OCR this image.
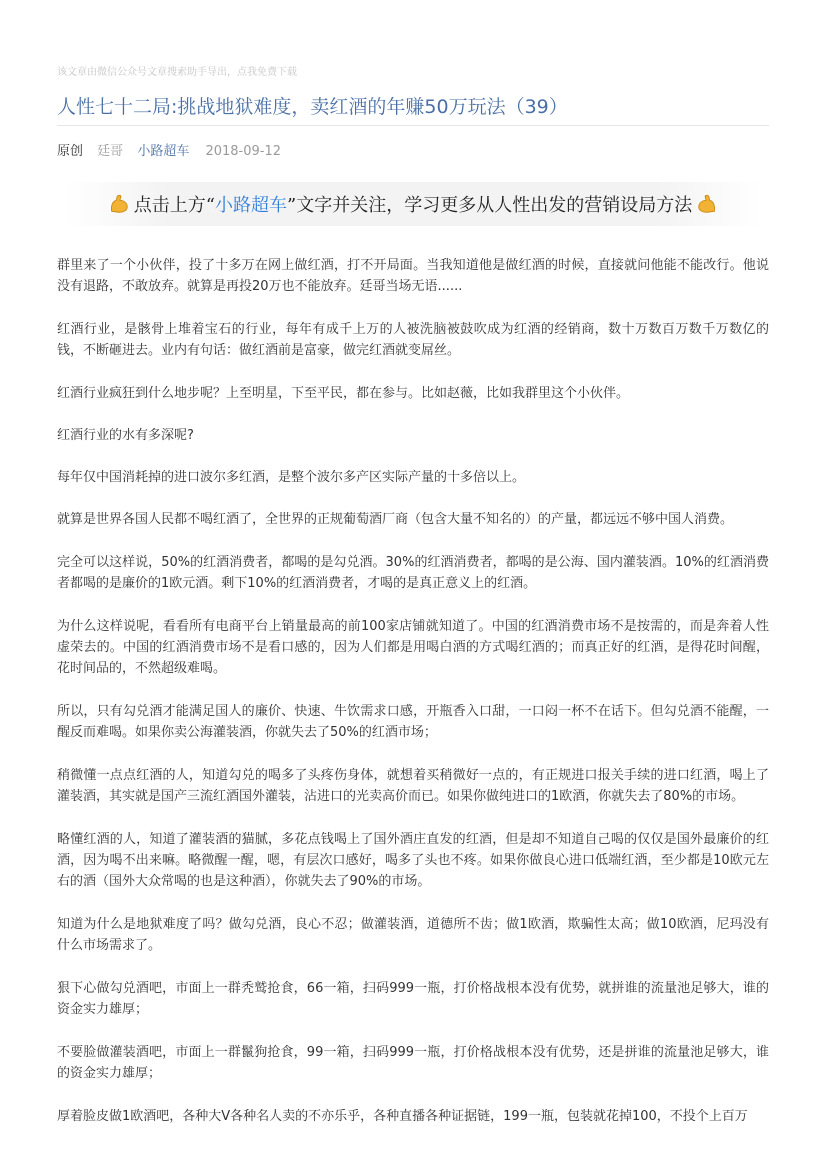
该文章由微信公众号文章搜索助手导出，点我免费下载
人性七十二局:挑战地狱难度，卖红酒的年赚50万玩法（39）
原创 廷哥 小路超车 2018-09-12
点击上方“ 小路超车 ”文字并关注，学习更多从人性出发的营销设局方法

群里来了一个小伙伴，投了十多万在网上做红酒，打不开局面。当我知道他是做红酒的时候，直接就问他能不能改行。他说没有退路，不敢放弃。就算是再投20万也不能放弃。廷哥当场无语......

红酒行业，是骸骨上堆着宝石的行业，每年有成千上万的人被洗脑被鼓吹成为红酒的经销商，数十万数百万数千万数亿的钱，不断砸进去。业内有句话：做红酒前是富豪，做完红酒就变屌丝。

红酒行业疯狂到什么地步呢？上至明星，下至平民，都在参与。比如赵薇，比如我群里这个小伙伴。

红酒行业的水有多深呢?

每年仅中国消耗掉的进口波尔多红酒，是整个波尔多产区实际产量的十多倍以上。

就算是世界各国人民都不喝红酒了，全世界的正规葡萄酒厂商（包含大量不知名的）的产量，都远远不够中国人消费。

完全可以这样说，50%的红酒消费者，都喝的是勾兑酒。30%的红酒消费者，都喝的是公海、国内灌装酒。10%的红酒消费者都喝的是廉价的1欧元酒。剩下10%的红酒消费者，才喝的是真正意义上的红酒。

为什么这样说呢，看看所有电商平台上销量最高的前100家店铺就知道了。中国的红酒消费市场不是按需的，而是奔着人性虚荣去的。中国的红酒消费市场不是看口感的，因为人们都是用喝白酒的方式喝红酒的；而真正好的红酒，是得花时间醒，花时间品的，不然超级难喝。

所以，只有勾兑酒才能满足国人的廉价、快速、牛饮需求口感，开瓶香入口甜，一口闷一杯不在话下。但勾兑酒不能醒，一醒反而难喝。如果你卖公海灌装酒，你就失去了50%的红酒市场；

稍微懂一点点红酒的人，知道勾兑的喝多了头疼伤身体，就想着买稍微好一点的，有正规进口报关手续的进口红酒，喝上了灌装酒，其实就是国产三流红酒国外灌装，沾进口的光卖高价而已。如果你做纯进口的1欧酒，你就失去了80%的市场。

略懂红酒的人，知道了灌装酒的猫腻，多花点钱喝上了国外酒庄直发的红酒，但是却不知道自己喝的仅仅是国外最廉价的红酒，因为喝不出来嘛。略微醒一醒，嗯，有层次口感好，喝多了头也不疼。如果你做良心进口低端红酒，至少都是10欧元左右的酒（国外大众常喝的也是这种酒），你就失去了90%的市场。

知道为什么是地狱难度了吗？做勾兑酒，良心不忍；做灌装酒，道德所不齿；做1欧酒，欺骗性太高；做10欧酒，尼玛没有什么市场需求了。

狠下心做勾兑酒吧，市面上一群秃鹫抢食，66一箱，扫码999一瓶，打价格战根本没有优势，就拼谁的流量池足够大，谁的资金实力雄厚；

不要脸做灌装酒吧，市面上一群鬣狗抢食，99一箱，扫码999一瓶，打价格战根本没有优势，还是拼谁的流量池足够大，谁的资金实力雄厚；

厚着脸皮做1欧酒吧，各种大V各种名人卖的不亦乐乎，各种直播各种证据链，199一瓶，包装就花掉100，不投个上百万
